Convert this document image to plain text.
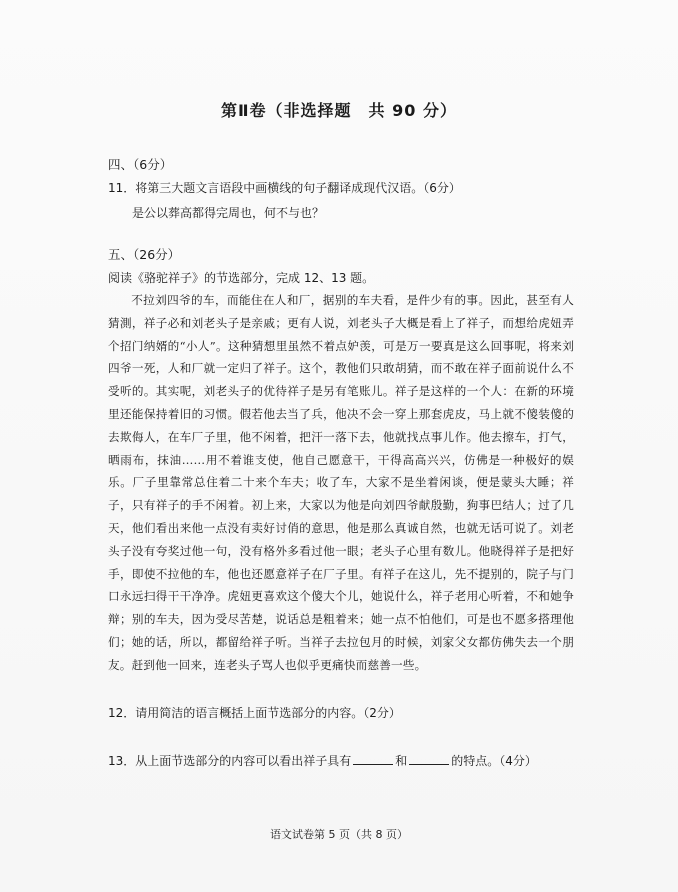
第Ⅱ卷（非选择题　共 90 分）
四、（6分）
11．将第三大题文言语段中画横线的句子翻译成现代汉语。（6分）
是公以葬高都得完周也，何不与也？
五、（26分）
阅读《骆驼祥子》的节选部分，完成 12、13 题。
不拉刘四爷的车，而能住在人和厂，据别的车夫看，是件少有的事。因此，甚至有人猜測，祥子必和刘老头子是亲戚；更有人说，刘老头子大概是看上了祥子，而想给虎妞弄个招门纳婿的“小人”。这种猜想里虽然不着点妒羡，可是万一要真是这么回事呢，将来刘四爷一死，人和厂就一定归了祥子。这个，教他们只敢胡猜，而不敢在祥子面前说什么不受听的。其实呢，刘老头子的优待祥子是另有笔账儿。祥子是这样的一个人：在新的环境里还能保持着旧的习惯。假若他去当了兵，他决不会一穿上那套虎皮，马上就不傻装傻的去欺侮人，在车厂子里，他不闲着，把汗一落下去，他就找点事儿作。他去擦车，打气，晒雨布，抹油……用不着谁支使，他自己愿意干，干得高高兴兴，仿佛是一种极好的娱乐。厂子里靠常总住着二十来个车夫；收了车，大家不是坐着闲谈，便是蒙头大睡；祥子，只有祥子的手不闲着。初上来，大家以为他是向刘四爷献殷勤，狗事巴结人；过了几天，他们看出来他一点没有卖好讨俏的意思，他是那么真诚自然，也就无话可说了。刘老头子没有夸奖过他一句，没有格外多看过他一眼；老头子心里有数儿。他晓得祥子是把好手，即使不拉他的车，他也还愿意祥子在厂子里。有祥子在这儿，先不提别的，院子与门口永远扫得干干净净。虎妞更喜欢这个傻大个儿，她说什么，祥子老用心听着，不和她争辩；别的车夫，因为受尽苦楚，说话总是粗着来；她一点不怕他们，可是也不愿多搭理他们；她的话，所以，都留给祥子听。当祥子去拉包月的时候，刘家父女都仿佛失去一个朋友。赶到他一回来，连老头子骂人也似乎更痛快而慈善一些。
12．请用简洁的语言概括上面节选部分的内容。（2分）
13．从上面节选部分的内容可以看出祥子具有	和	的特点。（4分）
语文试卷第 5 页（共 8 页）
